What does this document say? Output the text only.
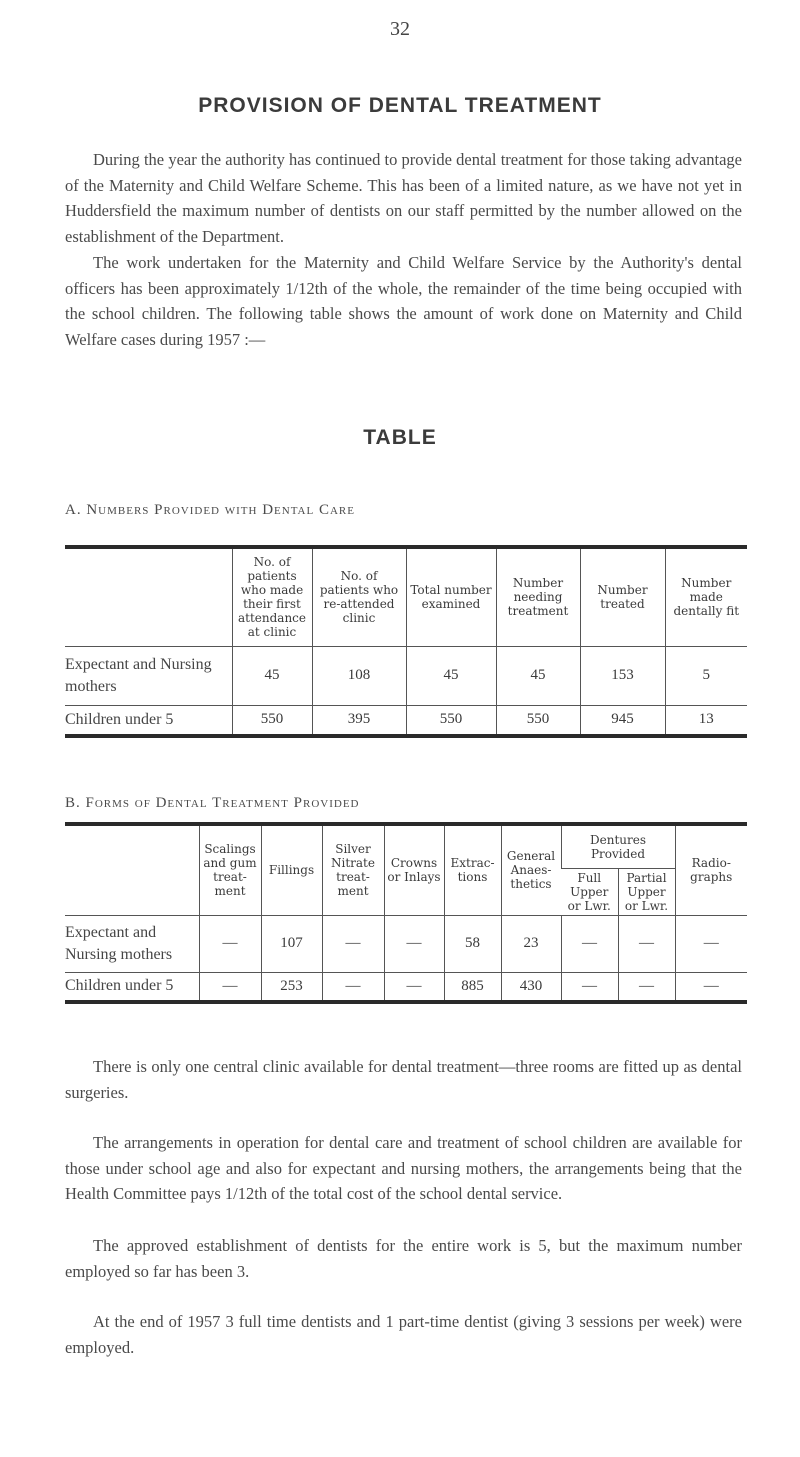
32
PROVISION OF DENTAL TREATMENT

During the year the authority has continued to provide dental treatment for those taking advantage of the Maternity and Child Welfare Scheme. This has been of a limited nature, as we have not yet in Huddersfield the maximum number of dentists on our staff permitted by the number allowed on the establishment of the Department.

The work undertaken for the Maternity and Child Welfare Service by the Authority's dental officers has been approximately 1/12th of the whole, the remainder of the time being occupied with the school children. The following table shows the amount of work done on Maternity and Child Welfare cases during 1957 :—

TABLE
A. Numbers Provided with Dental Care
	No. of patients who made their first attendance at clinic	No. of patients who re-attended clinic	Total number examined	Number needing treatment	Number treated	Number made dentally fit
Expectant and Nursing mothers	45	108	45	45	153	5
Children under 5	550	395	550	550	945	13
B. Forms of Dental Treatment Provided
	Scalings and gum treat-ment	Fillings	Silver Nitrate treat-ment	Crowns or Inlays	Extrac-tions	General Anaes-thetics	Dentures Provided		Radio-graphs
							Full Upper or Lwr.	Partial Upper or Lwr.	
Expectant and Nursing mothers	—	107	—	—	58	23	—	—	—
Children under 5	—	253	—	—	885	430	—	—	—

There is only one central clinic available for dental treatment—three rooms are fitted up as dental surgeries.

The arrangements in operation for dental care and treatment of school children are available for those under school age and also for expectant and nursing mothers, the arrangements being that the Health Committee pays 1/12th of the total cost of the school dental service.

The approved establishment of dentists for the entire work is 5, but the maximum number employed so far has been 3.

At the end of 1957 3 full time dentists and 1 part-time dentist (giving 3 sessions per week) were employed.
